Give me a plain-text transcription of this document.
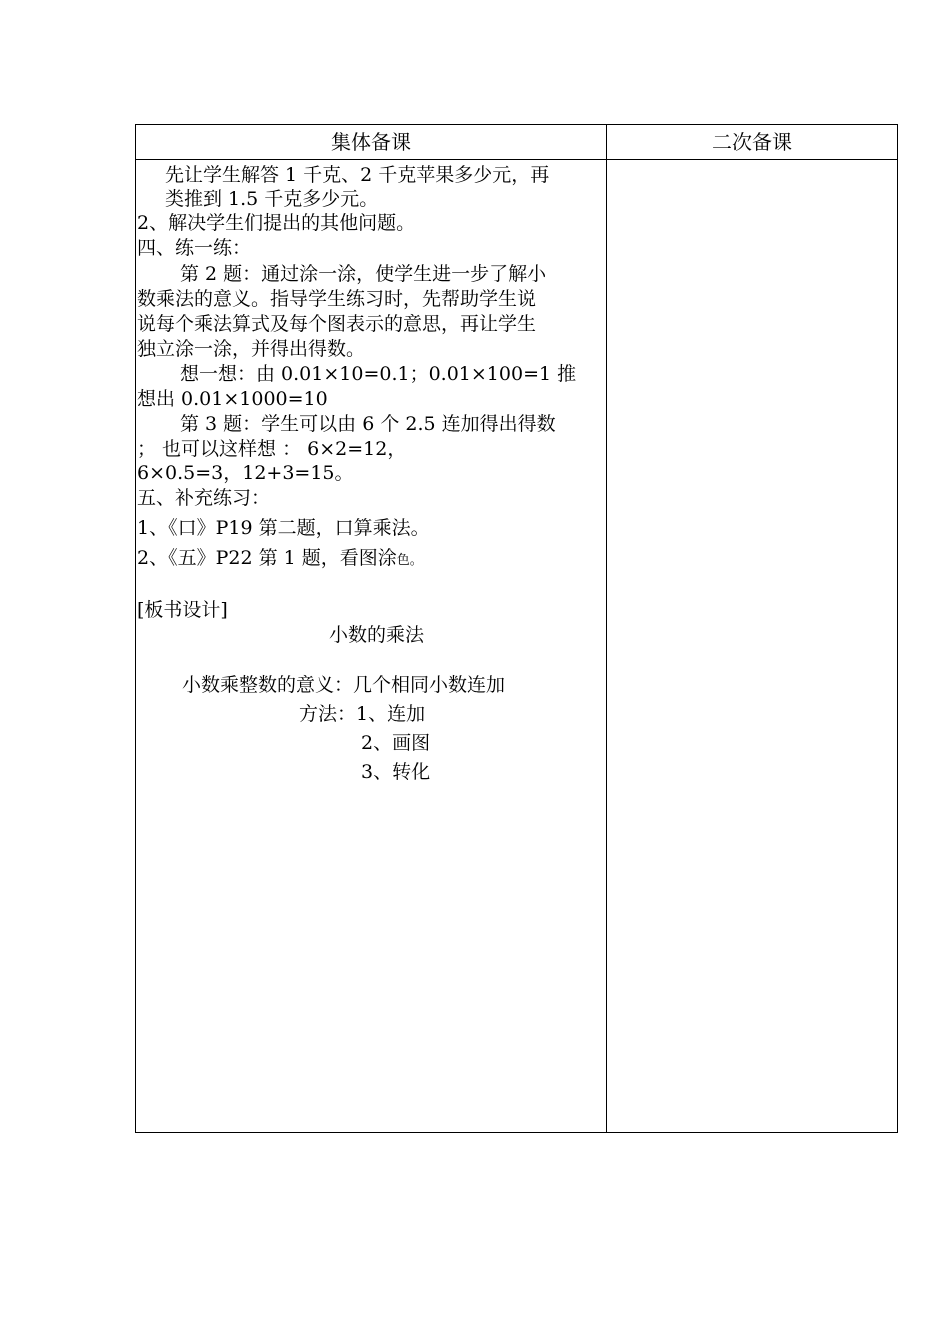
集体备课	二次备课
先让学生解答 1 千克、2 千克苹果多少元，再
类推到 1.5 千克多少元。
2、解决学生们提出的其他问题。
四、练一练：
第 2 题：通过涂一涂，使学生进一步了解小
数乘法的意义。指导学生练习时，先帮助学生说
说每个乘法算式及每个图表示的意思，再让学生
独立涂一涂，并得出得数。
想一想：由 0.01×10=0.1；0.01×100=1 推
想出 0.01×1000=10
第 3 题：学生可以由 6 个 2.5 连加得出得数
； 也可以这样想 ： 6×2=12，
6×0.5=3，12+3=15。
五、补充练习：
1、《口》P19 第二题，口算乘法。
2、《五》P22 第 1 题，看图涂色。
[板书设计]
小数的乘法
小数乘整数的意义：几个相同小数连加
方法：1、连加
2、画图
3、转化
